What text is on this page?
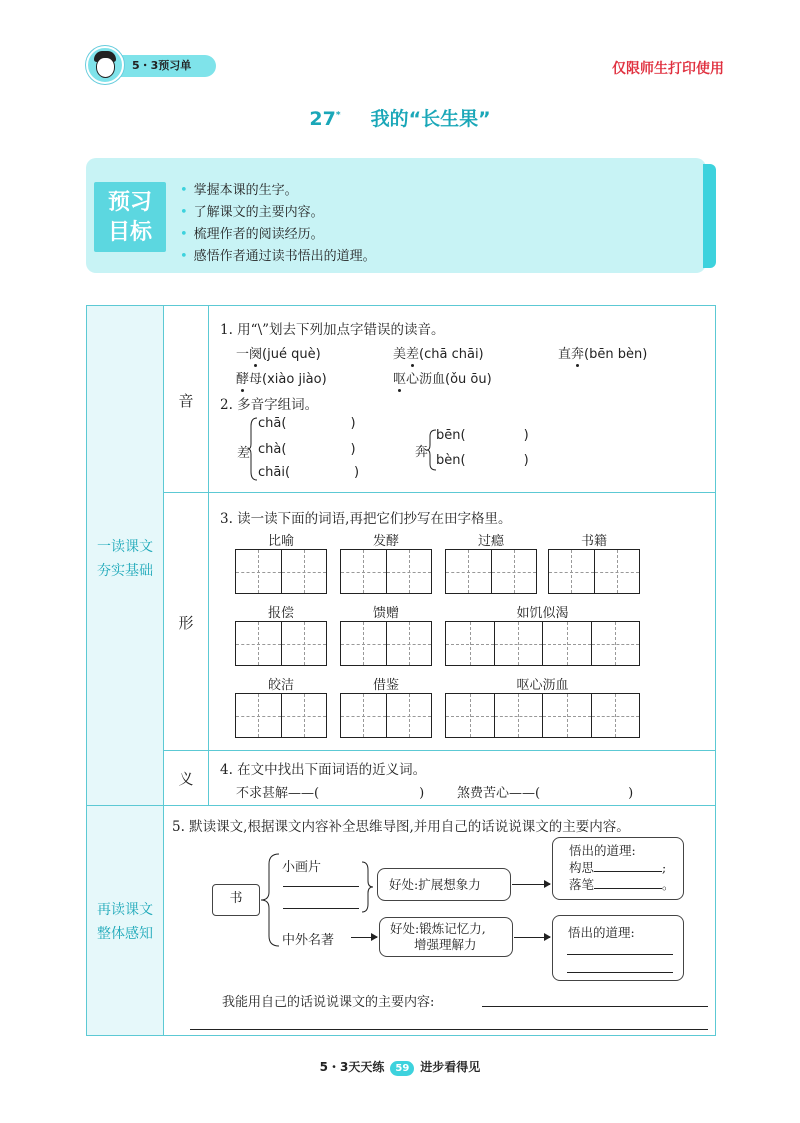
5・3预习单	仅限师生打印使用
27* 我的“长生果”
预习
目标
• 掌握本课的生字。
• 了解课文的主要内容。
• 梳理作者的阅读经历。
• 感悟作者通过读书悟出的道理。
一读课文
夯实基础
再读课文
整体感知
音
形
义
1. 用“\”划去下列加点字错误的读音。
一阕(jué què)	美差(chā chāi)	直奔(bēn bèn)
酵母(xiào jiào)	呕心沥血(ǒu ōu)
2. 多音字组词。
差
chā(	)
chà(	)
chāi(	)
奔
bēn(	)
bèn(	)
3. 读一读下面的词语,再把它们抄写在田字格里。
比喻	发酵	过瘾	书籍
报偿	馈赠	如饥似渴
皎洁	借鉴	呕心沥血
4. 在文中找出下面词语的近义词。
不求甚解——(	)	煞费苦心——(	)
5. 默读课文,根据课文内容补全思维导图,并用自己的话说说课文的主要内容。
书
小画片
好处:扩展想象力
悟出的道理:
构思	;
落笔	。
中外名著
好处:锻炼记忆力,
增强理解力
悟出的道理:
我能用自己的话说说课文的主要内容:
5・3天天练 59 进步看得见
